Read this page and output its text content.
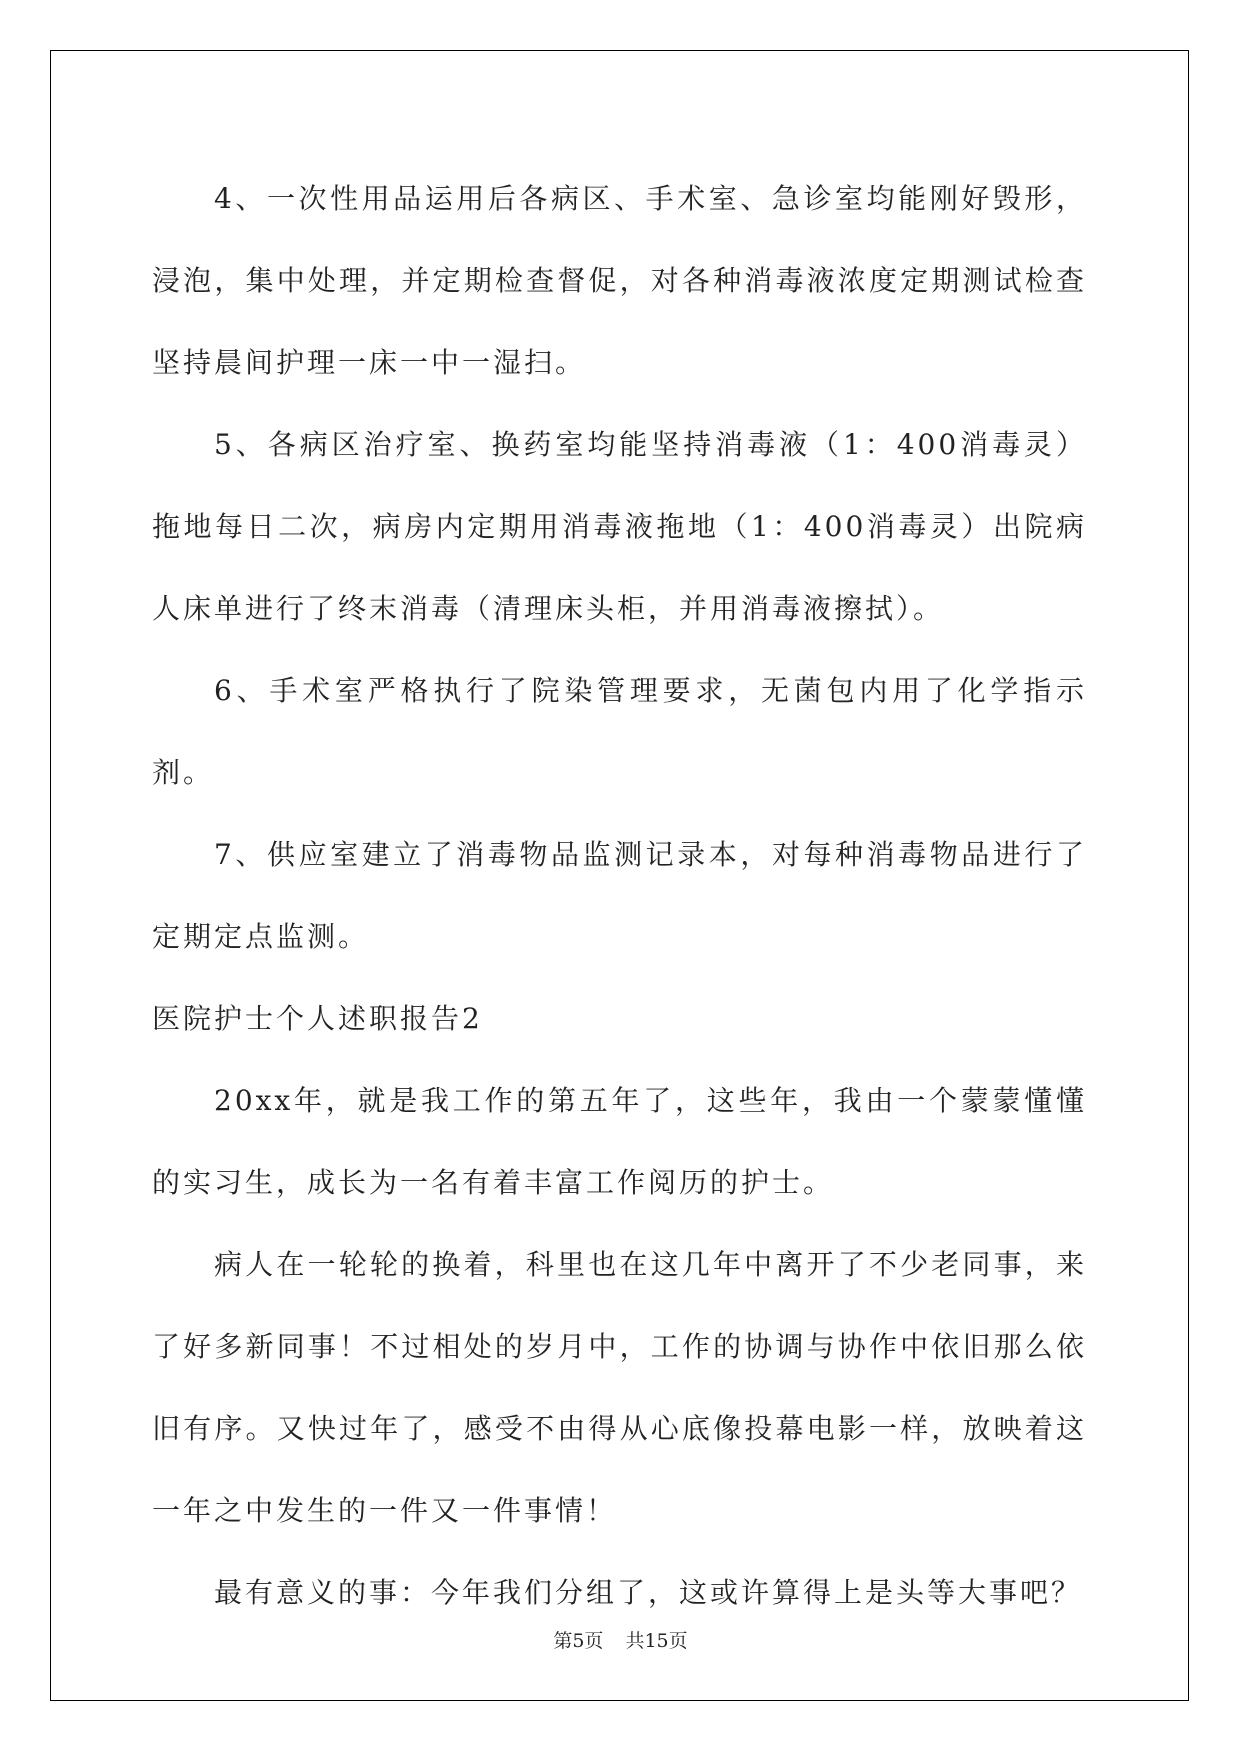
4、一次性用品运用后各病区、手术室、急诊室均能刚好毁形，浸泡，集中处理，并定期检查督促，对各种消毒液浓度定期测试检查坚持晨间护理一床一中一湿扫。

5、各病区治疗室、换药室均能坚持消毒液（1：400消毒灵）拖地每日二次，病房内定期用消毒液拖地（1：400消毒灵）出院病人床单进行了终末消毒（清理床头柜，并用消毒液擦拭）。

6、手术室严格执行了院染管理要求，无菌包内用了化学指示剂。

7、供应室建立了消毒物品监测记录本，对每种消毒物品进行了定期定点监测。

医院护士个人述职报告2

20xx年，就是我工作的第五年了，这些年，我由一个蒙蒙懂懂的实习生，成长为一名有着丰富工作阅历的护士。

病人在一轮轮的换着，科里也在这几年中离开了不少老同事，来了好多新同事！不过相处的岁月中，工作的协调与协作中依旧那么依旧有序。又快过年了，感受不由得从心底像投幕电影一样，放映着这一年之中发生的一件又一件事情！

最有意义的事：今年我们分组了，这或许算得上是头等大事吧？

第5页 共15页
